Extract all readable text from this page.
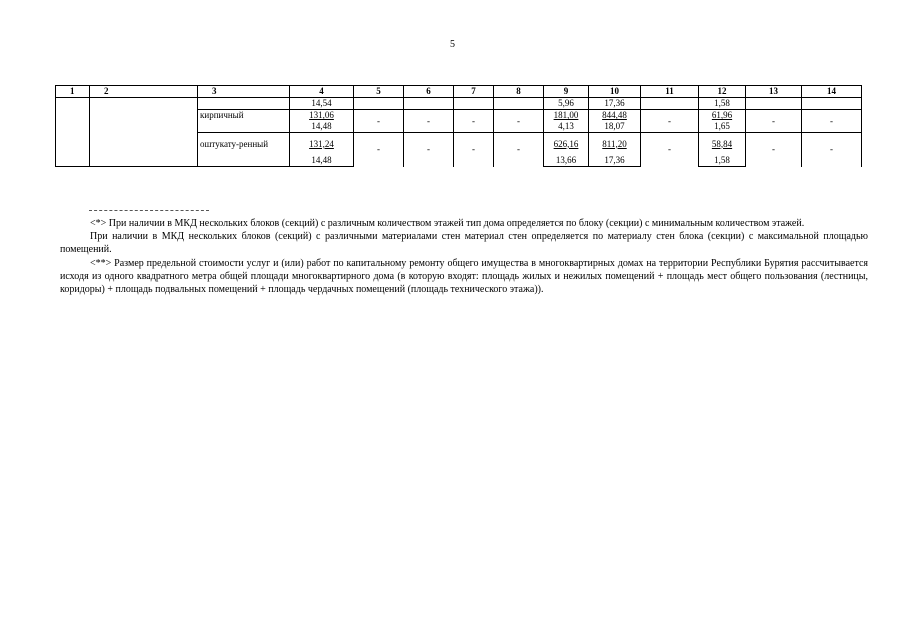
5
1	2	3	4	5	6	7	8	9	10	11	12	13	14
			14,54					5,96	17,36		1,58		
		кирпичный	131,06	-	-	-	-	181,00	844,48	-	61,96	-	-
			14,48					4,13	18,07		1,65		
		оштукату-ренный	131,24	-	-	-	-	626,16	811,20	-	58,84	-	-
			14,48					13,66	17,36		1,58		

<*> При наличии в МКД нескольких блоков (секций) с различным количеством этажей тип дома определяется по блоку (секции) с минимальным количеством этажей.

При наличии в МКД нескольких блоков (секций) с различными материалами стен материал стен определяется по материалу стен блока (секции) с максимальной площадью помещений.

<**> Размер предельной стоимости услуг и (или) работ по капитальному ремонту общего имущества в многоквартирных домах на территории Республики Бурятия рассчитывается исходя из одного квадратного метра общей площади многоквартирного дома (в которую входят: площадь жилых и нежилых помещений + площадь мест общего пользования (лестницы, коридоры) + площадь подвальных помещений + площадь чердачных помещений (площадь технического этажа)).
